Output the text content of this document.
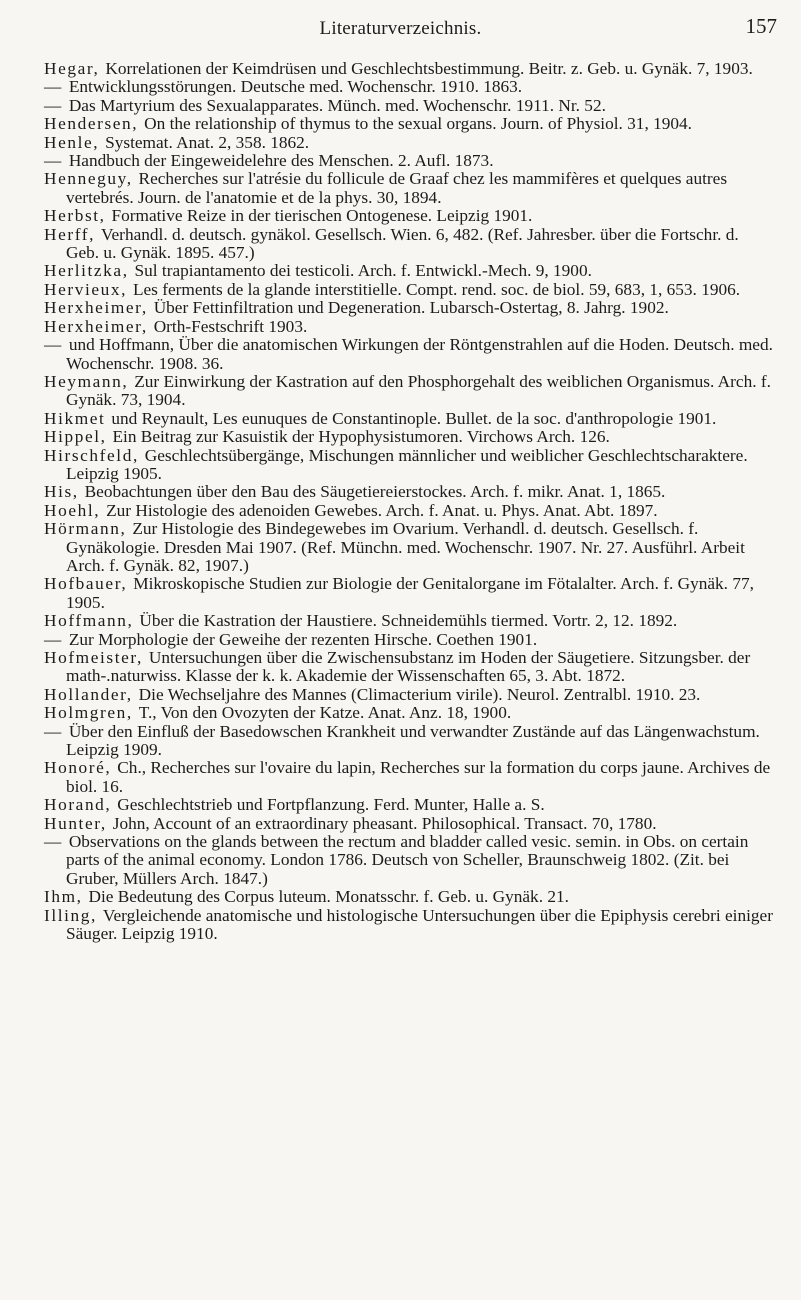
Literaturverzeichnis.	157

Hegar, Korrelationen der Keimdrüsen und Geschlechtsbestimmung. Beitr. z. Geb. u. Gynäk. 7, 1903.

— Entwicklungsstörungen. Deutsche med. Wochenschr. 1910. 1863.

— Das Martyrium des Sexualapparates. Münch. med. Wochenschr. 1911. Nr. 52.

Hendersen, On the relationship of thymus to the sexual organs. Journ. of Physiol. 31, 1904.

Henle, Systemat. Anat. 2, 358. 1862.

— Handbuch der Eingeweidelehre des Menschen. 2. Aufl. 1873.

Henneguy, Recherches sur l'atrésie du follicule de Graaf chez les mammifères et quelques autres vertebrés. Journ. de l'anatomie et de la phys. 30, 1894.

Herbst, Formative Reize in der tierischen Ontogenese. Leipzig 1901.

Herff, Verhandl. d. deutsch. gynäkol. Gesellsch. Wien. 6, 482. (Ref. Jahresber. über die Fortschr. d. Geb. u. Gynäk. 1895. 457.)

Herlitzka, Sul trapiantamento dei testicoli. Arch. f. Entwickl.-Mech. 9, 1900.

Hervieux, Les ferments de la glande interstitielle. Compt. rend. soc. de biol. 59, 683, 1, 653. 1906.

Herxheimer, Über Fettinfiltration und Degeneration. Lubarsch-Ostertag, 8. Jahrg. 1902.

Herxheimer, Orth-Festschrift 1903.

— und Hoffmann, Über die anatomischen Wirkungen der Röntgenstrahlen auf die Hoden. Deutsch. med. Wochenschr. 1908. 36.

Heymann, Zur Einwirkung der Kastration auf den Phosphorgehalt des weiblichen Organismus. Arch. f. Gynäk. 73, 1904.

Hikmet und Reynault, Les eunuques de Constantinople. Bullet. de la soc. d'anthropologie 1901.

Hippel, Ein Beitrag zur Kasuistik der Hypophysistumoren. Virchows Arch. 126.

Hirschfeld, Geschlechtsübergänge, Mischungen männlicher und weiblicher Geschlechtscharaktere. Leipzig 1905.

His, Beobachtungen über den Bau des Säugetiereierstockes. Arch. f. mikr. Anat. 1, 1865.

Hoehl, Zur Histologie des adenoiden Gewebes. Arch. f. Anat. u. Phys. Anat. Abt. 1897.

Hörmann, Zur Histologie des Bindegewebes im Ovarium. Verhandl. d. deutsch. Gesellsch. f. Gynäkologie. Dresden Mai 1907. (Ref. Münchn. med. Wochenschr. 1907. Nr. 27. Ausführl. Arbeit Arch. f. Gynäk. 82, 1907.)

Hofbauer, Mikroskopische Studien zur Biologie der Genitalorgane im Fötalalter. Arch. f. Gynäk. 77, 1905.

Hoffmann, Über die Kastration der Haustiere. Schneidemühls tiermed. Vortr. 2, 12. 1892.

— Zur Morphologie der Geweihe der rezenten Hirsche. Coethen 1901.

Hofmeister, Untersuchungen über die Zwischensubstanz im Hoden der Säugetiere. Sitzungsber. der math-.naturwiss. Klasse der k. k. Akademie der Wissenschaften 65, 3. Abt. 1872.

Hollander, Die Wechseljahre des Mannes (Climacterium virile). Neurol. Zentralbl. 1910. 23.

Holmgren, T., Von den Ovozyten der Katze. Anat. Anz. 18, 1900.

— Über den Einfluß der Basedowschen Krankheit und verwandter Zustände auf das Längenwachstum. Leipzig 1909.

Honoré, Ch., Recherches sur l'ovaire du lapin, Recherches sur la formation du corps jaune. Archives de biol. 16.

Horand, Geschlechtstrieb und Fortpflanzung. Ferd. Munter, Halle a. S.

Hunter, John, Account of an extraordinary pheasant. Philosophical. Transact. 70, 1780.

— Observations on the glands between the rectum and bladder called vesic. semin. in Obs. on certain parts of the animal economy. London 1786. Deutsch von Scheller, Braunschweig 1802. (Zit. bei Gruber, Müllers Arch. 1847.)

Ihm, Die Bedeutung des Corpus luteum. Monatsschr. f. Geb. u. Gynäk. 21.

Illing, Vergleichende anatomische und histologische Untersuchungen über die Epiphysis cerebri einiger Säuger. Leipzig 1910.
